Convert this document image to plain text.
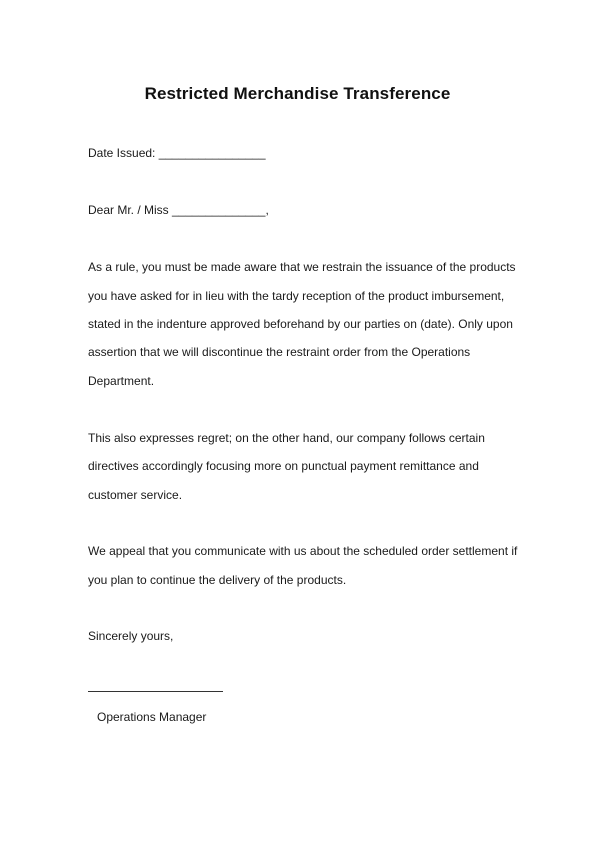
Restricted Merchandise Transference
Date Issued: ________________
Dear Mr. / Miss ______________,
As a rule, you must be made aware that we restrain the issuance of the products
you have asked for in lieu with the tardy reception of the product imbursement,
stated in the indenture approved beforehand by our parties on (date). Only upon
assertion that we will discontinue the restraint order from the Operations
Department.
This also expresses regret; on the other hand, our company follows certain
directives accordingly focusing more on punctual payment remittance and
customer service.
We appeal that you communicate with us about the scheduled order settlement if
you plan to continue the delivery of the products.
Sincerely yours,
Operations Manager
